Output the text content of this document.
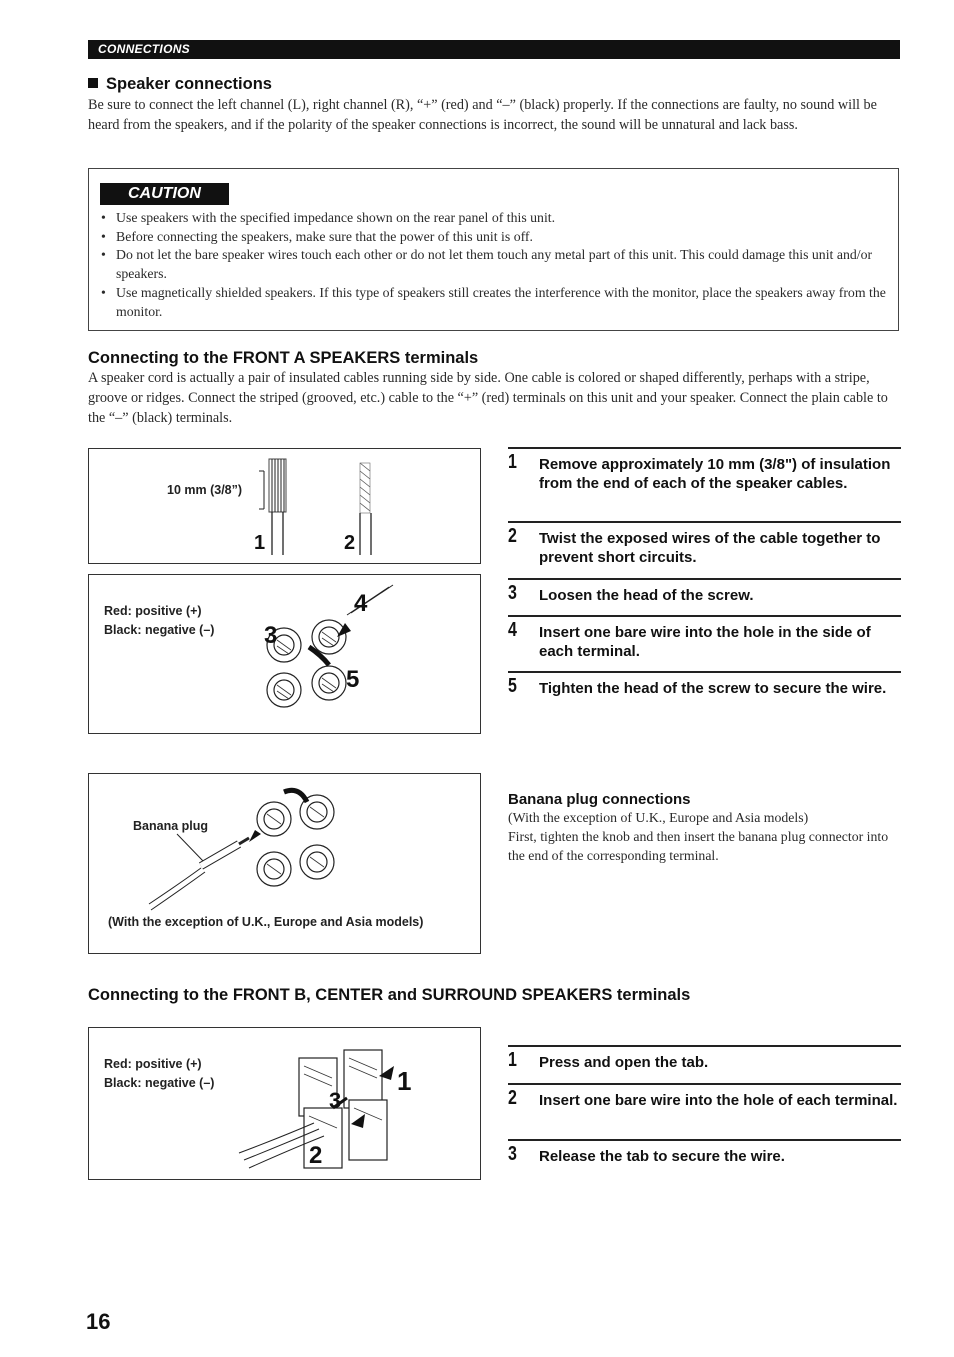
CONNECTIONS
Speaker connections
Be sure to connect the left channel (L), right channel (R), “+” (red) and “–” (black) properly. If the connections are faulty, no sound will be heard from the speakers, and if the polarity of the speaker connections is incorrect, the sound will be unnatural and lack bass.
CAUTION
• Use speakers with the specified impedance shown on the rear panel of this unit.
• Before connecting the speakers, make sure that the power of this unit is off.
• Do not let the bare speaker wires touch each other or do not let them touch any metal part of this unit. This could damage this unit and/or speakers.
• Use magnetically shielded speakers. If this type of speakers still creates the interference with the monitor, place the speakers away from the monitor.
Connecting to the FRONT A SPEAKERS terminals
A speaker cord is actually a pair of insulated cables running side by side. One cable is colored or shaped differently, perhaps with a stripe, groove or ridges. Connect the striped (grooved, etc.) cable to the “+” (red) terminals on this unit and your speaker. Connect the plain cable to the “–” (black) terminals.
10 mm (3/8”)
1	2
Red: positive (+)
Black: negative (–) 3
4
5
1 Remove approximately 10 mm (3/8") of insulation from the end of each of the speaker cables.
2 Twist the exposed wires of the cable together to prevent short circuits.
3 Loosen the head of the screw.
4 Insert one bare wire into the hole in the side of each terminal.
5 Tighten the head of the screw to secure the wire.
Banana plug
(With the exception of U.K., Europe and Asia models)
Banana plug connections
(With the exception of U.K., Europe and Asia models)
First, tighten the knob and then insert the banana plug connector into the end of the corresponding terminal.
Connecting to the FRONT B, CENTER and SURROUND SPEAKERS terminals
Red: positive (+)
Black: negative (–)	1
3
2
1 Press and open the tab.
2 Insert one bare wire into the hole of each terminal.
3 Release the tab to secure the wire.
16
